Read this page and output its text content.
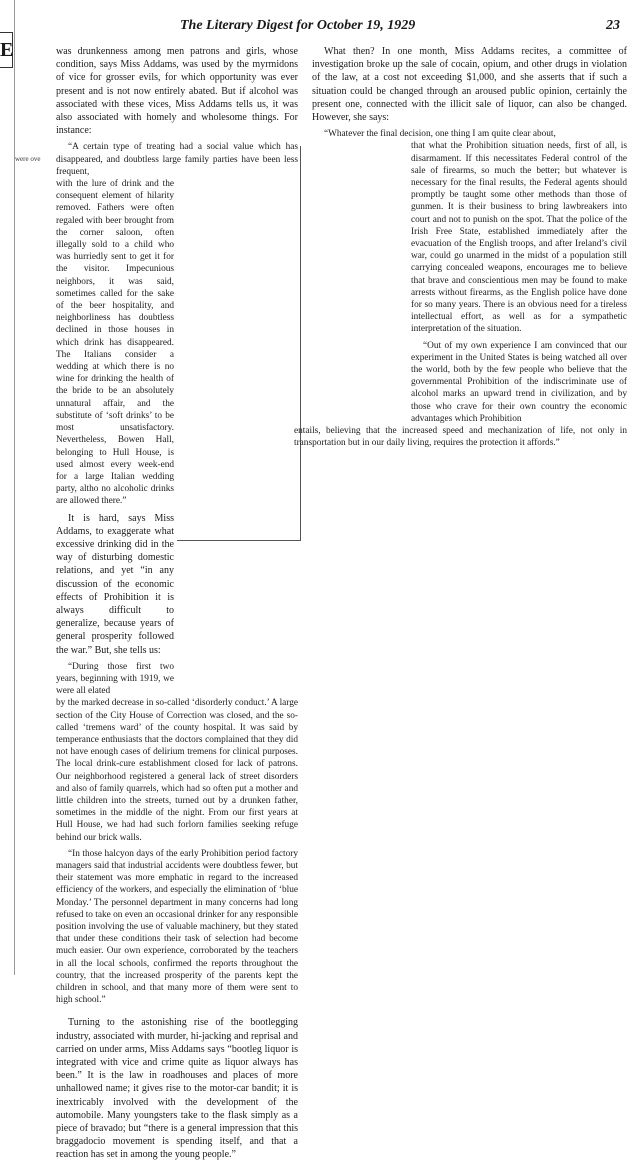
E
were ove
The Literary Digest for October 19, 1929	23

was drunkenness among men patrons and girls, whose condition, says Miss Addams, was used by the myrmidons of vice for grosser evils, for which opportunity was ever present and is not now entirely abated. But if alcohol was associated with these vices, Miss Addams tells us, it was also associated with homely and wholesome things. For instance:

“A certain type of treating had a social value which has disappeared, and doubtless large family parties have been less frequent,

with the lure of drink and the consequent element of hilarity removed. Fathers were often regaled with beer brought from the corner saloon, often illegally sold to a child who was hurriedly sent to get it for the visitor. Impecunious neighbors, it was said, sometimes called for the sake of the beer hospitality, and neighborliness has doubtless declined in those houses in which drink has disappeared. The Italians consider a wedding at which there is no wine for drinking the health of the bride to be an absolutely unnatural affair, and the substitute of ‘soft drinks’ to be most unsatisfactory. Nevertheless, Bowen Hall, belonging to Hull House, is used almost every week-end for a large Italian wedding party, altho no alcoholic drinks are allowed there.”

It is hard, says Miss Addams, to exaggerate what excessive drinking did in the way of disturbing domestic relations, and yet “in any discussion of the economic effects of Prohibition it is always difficult to generalize, because years of general prosperity followed the war.” But, she tells us:

“During those first two years, beginning with 1919, we were all elated

by the marked decrease in so-called ‘disorderly conduct.’ A large section of the City House of Correction was closed, and the so-called ‘tremens ward’ of the county hospital. It was said by temperance enthusiasts that the doctors complained that they did not have enough cases of delirium tremens for clinical purposes. The local drink-cure establishment closed for lack of patrons. Our neighborhood registered a general lack of street disorders and also of family quarrels, which had so often put a mother and little children into the streets, turned out by a drunken father, sometimes in the middle of the night. From our first years at Hull House, we had had such forlorn families seeking refuge behind our brick walls.

“In those halcyon days of the early Prohibition period factory managers said that industrial accidents were doubtless fewer, but their statement was more emphatic in regard to the increased efficiency of the workers, and especially the elimination of ‘blue Monday.’ The personnel department in many concerns had long refused to take on even an occasional drinker for any responsible position involving the use of valuable machinery, but they stated that under these conditions their task of selection had become much easier. Our own experience, corroborated by the teachers in all the local schools, confirmed the reports throughout the country, that the increased prosperity of the parents kept the children in school, and that many more of them were sent to high school.”

Turning to the astonishing rise of the bootlegging industry, associated with murder, hi-jacking and reprisal and carried on under arms, Miss Addams says “bootleg liquor is integrated with vice and crime quite as liquor always has been.” It is the law in roadhouses and places of more unhallowed name; it gives rise to the motor-car bandit; it is inextricably involved with the development of the automobile. Many youngsters take to the flask simply as a piece of bravado; but “there is a general impression that this braggadocio movement is spending itself, and that a reaction has set in among the young people.”

What then? In one month, Miss Addams recites, a committee of investigation broke up the sale of cocain, opium, and other drugs in violation of the law, at a cost not exceeding $1,000, and she asserts that if such a situation could be changed through an aroused public opinion, certainly the present one, connected with the illicit sale of liquor, can also be changed. However, she says:

“Whatever the final decision, one thing I am quite clear about,

that what the Prohibition situation needs, first of all, is disarmament. If this necessitates Federal control of the sale of firearms, so much the better; but whatever is necessary for the final results, the Federal agents should promptly be taught some other methods than those of gunmen. It is their business to bring lawbreakers into court and not to punish on the spot. That the police of the Irish Free State, established immediately after the evacuation of the English troops, and after Ireland’s civil war, could go unarmed in the midst of a population still carrying concealed weapons, encourages me to believe that brave and conscientious men may be found to make arrests without firearms, as the English police have done for so many years. There is an obvious need for a tireless intellectual effort, as well as for a sympathetic interpretation of the situation.

“Out of my own experience I am convinced that our experiment in the United States is being watched all over the world, both by the few people who believe that the governmental Prohibition of the indiscriminate use of alcohol marks an upward trend in civilization, and by those who crave for their own country the economic advantages which Prohibition

entails, believing that the increased speed and mechanization of life, not only in transportation but in our daily living, requires the protection it affords.”
